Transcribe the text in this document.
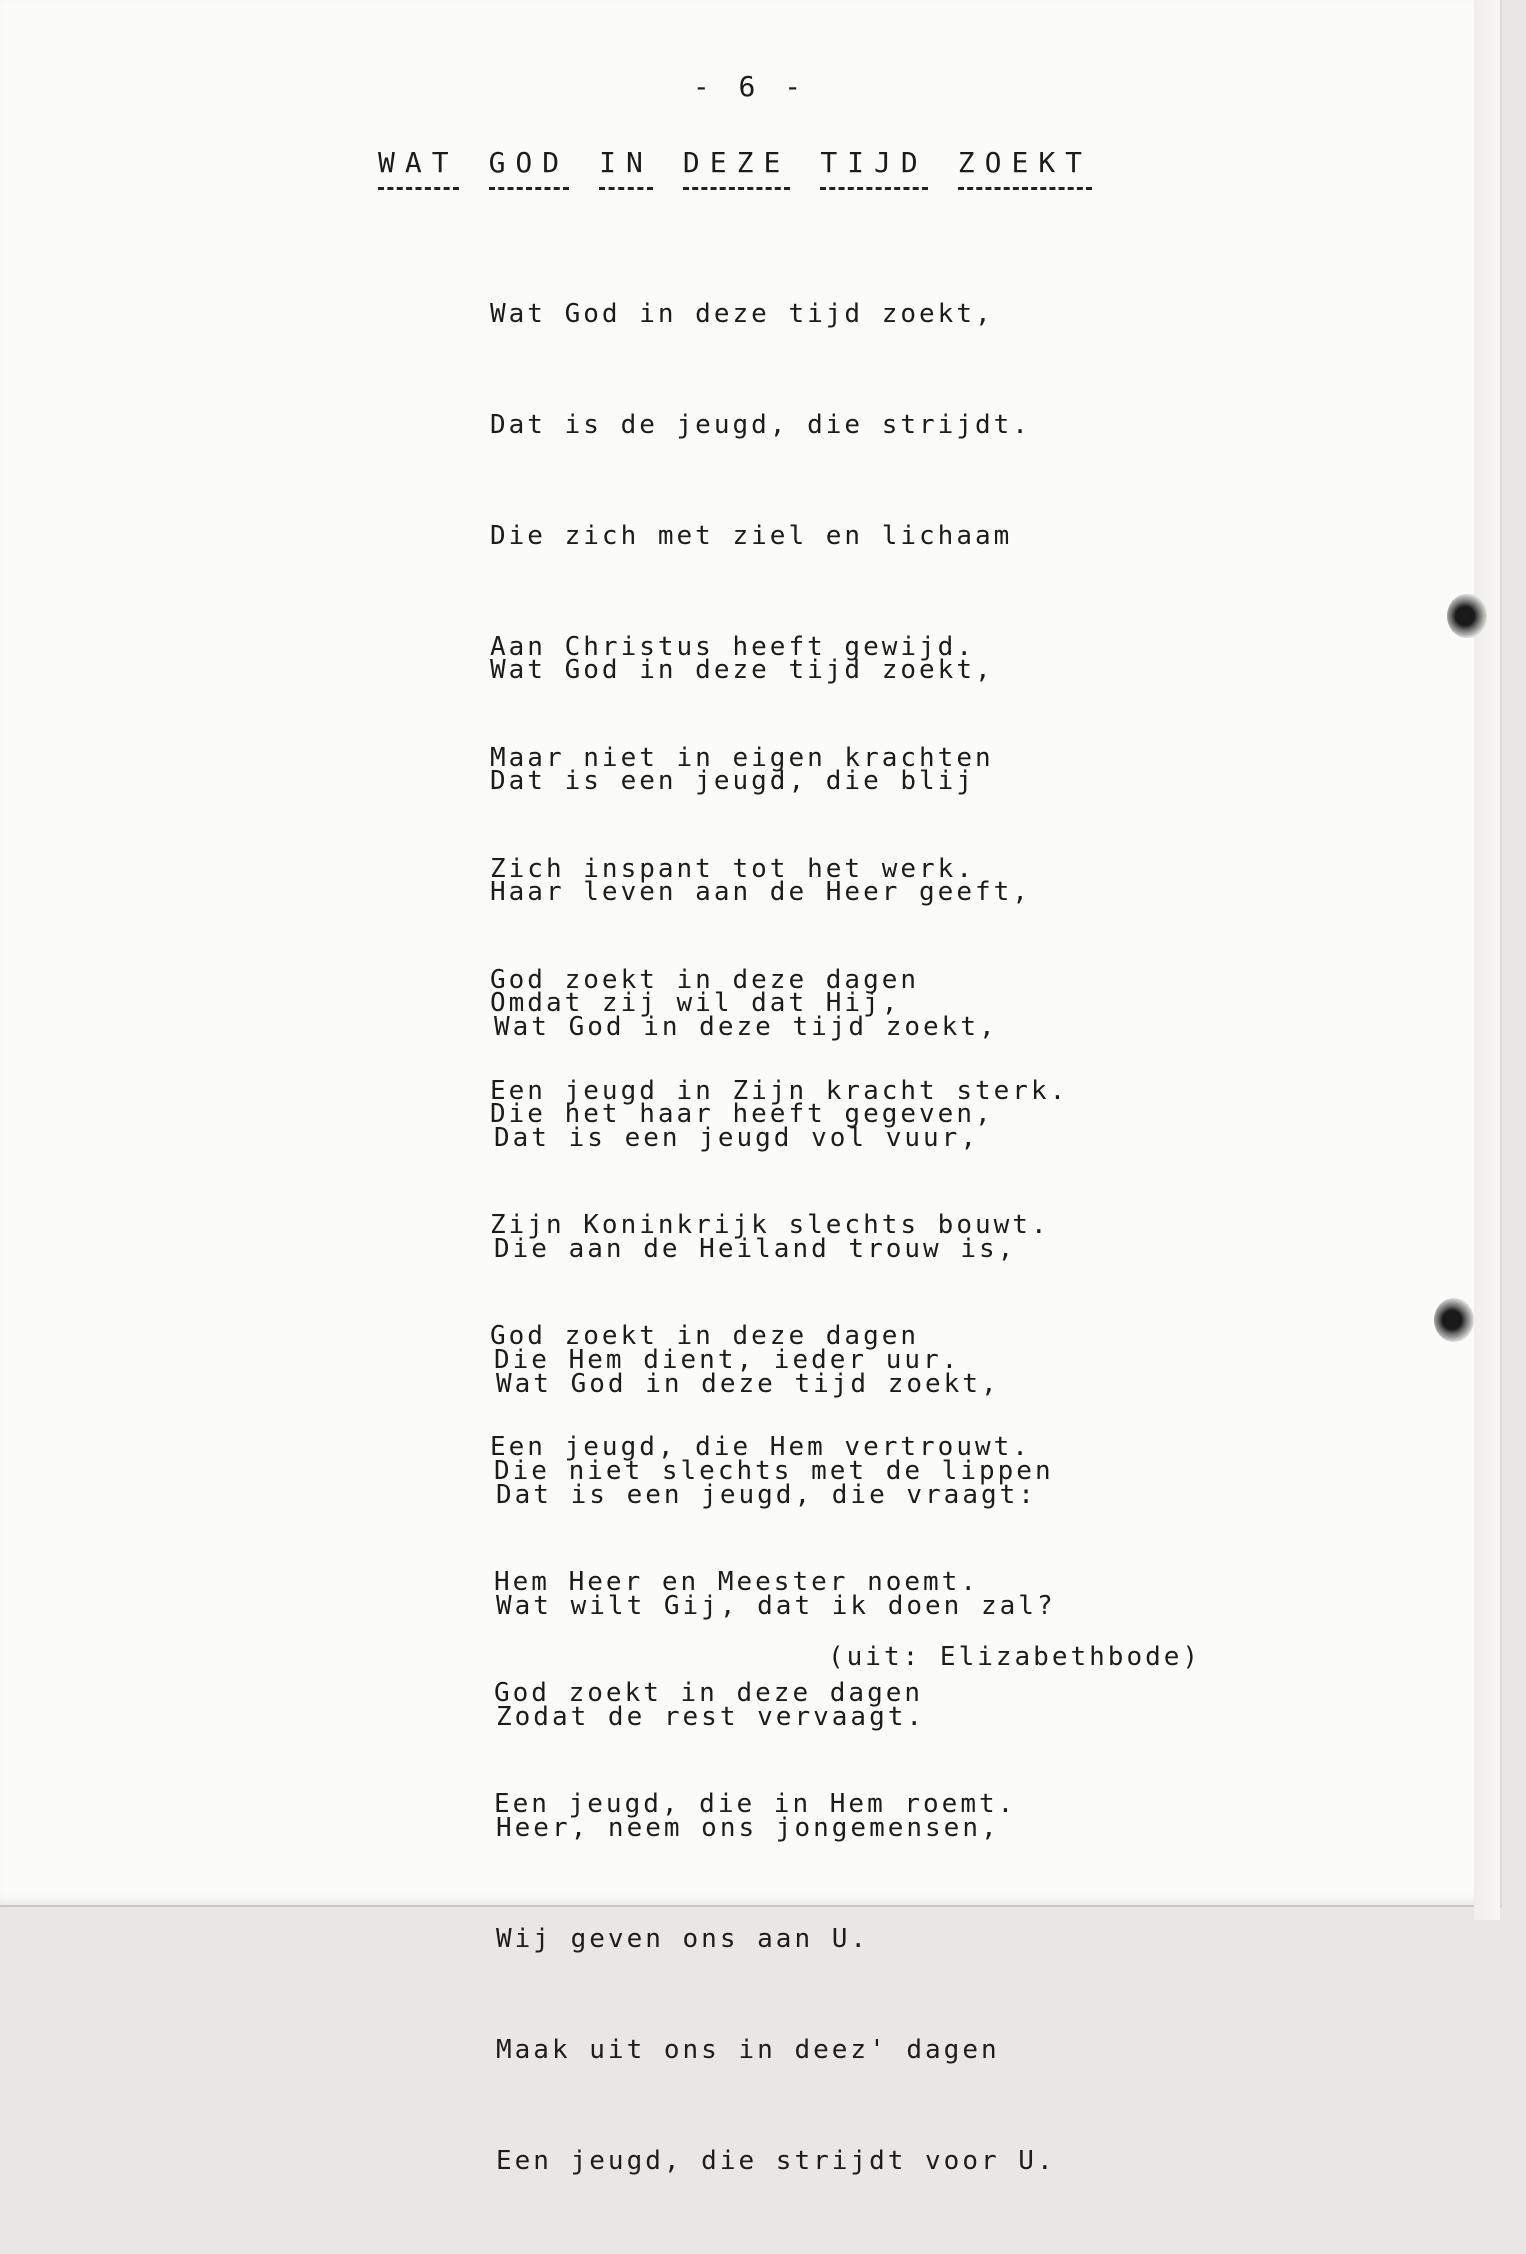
- 6 -
WAT GOD IN DEZE TIJD ZOEKT

Wat God in deze tijd zoekt,

Dat is de jeugd, die strijdt.

Die zich met ziel en lichaam

Aan Christus heeft gewijd.

Maar niet in eigen krachten

Zich inspant tot het werk.

God zoekt in deze dagen

Een jeugd in Zijn kracht sterk.

Wat God in deze tijd zoekt,

Dat is een jeugd, die blij

Haar leven aan de Heer geeft,

Omdat zij wil dat Hij,

Die het haar heeft gegeven,

Zijn Koninkrijk slechts bouwt.

God zoekt in deze dagen

Een jeugd, die Hem vertrouwt.

Wat God in deze tijd zoekt,

Dat is een jeugd vol vuur,

Die aan de Heiland trouw is,

Die Hem dient, ieder uur.

Die niet slechts met de lippen

Hem Heer en Meester noemt.

God zoekt in deze dagen

Een jeugd, die in Hem roemt.

Wat God in deze tijd zoekt,

Dat is een jeugd, die vraagt:

Wat wilt Gij, dat ik doen zal?

Zodat de rest vervaagt.

Heer, neem ons jongemensen,

Wij geven ons aan U.

Maak uit ons in deez' dagen

Een jeugd, die strijdt voor U.

(uit: Elizabethbode)
